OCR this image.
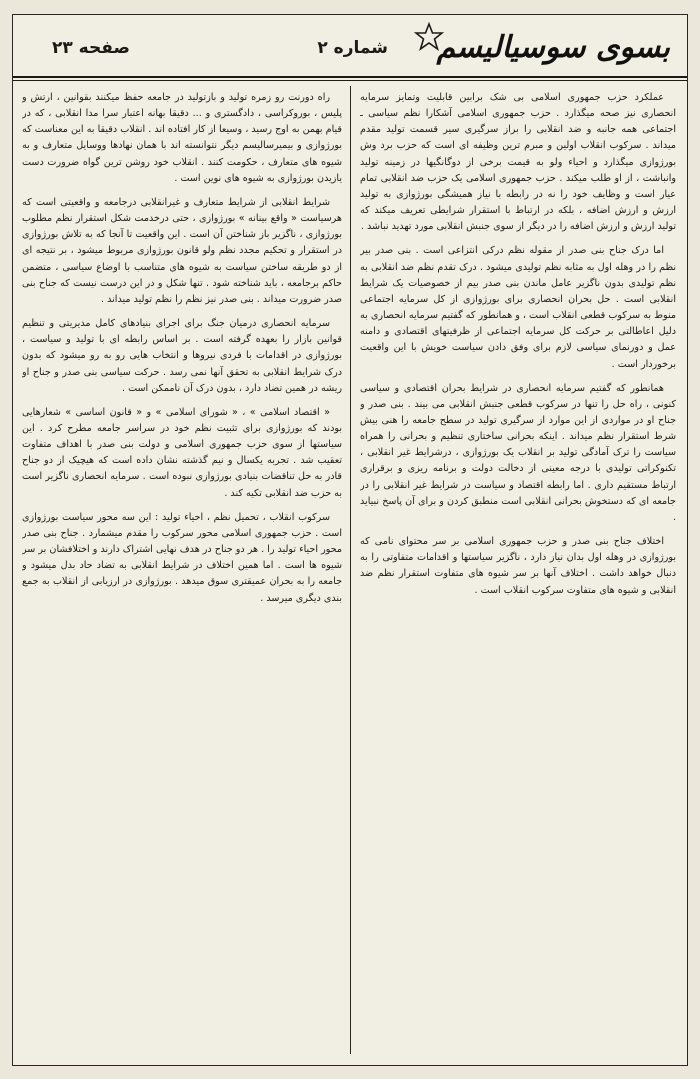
بسوی سوسیالیسم
شماره ۲
صفحه ۲۳

عملکرد حزب جمهوری اسلامی بی شک برابین قابلیت وتمایز سرمایه انحصاری نیز صحه میگذارد . حزب جمهوری اسلامی آشکارا نظم سیاسی ـ اجتماعی همه جانبه و ضد انقلابی را براز سرگیری سیر قسمت تولید مقدم میداند . سرکوب انقلاب اولین و مبرم ترین وظیفه ای است که حزب برد وش بورژوازی میگذارد و احیاء ولو به قیمت برخی از دوگانگیها در زمینه تولید وانباشت ، از او طلب میکند . حزب جمهوری اسلامی یک حزب ضد انقلابی تمام عیار است و وظایف خود را نه در رابطه با نیاز همیشگی بورژوازی به تولید ارزش و ارزش اضافه ، بلکه در ارتباط با استقرار شرایطی تعریف میکند که تولید ارزش و ارزش اضافه را در دیگر از سوی جنبش انقلابی مورد تهدید نباشد .

اما درک جناح بنی صدر از مقوله نظم درکی انتزاعی است . بنی صدر بیر نظم را در وهله اول به مثابه نظم تولیدی میشود . درک تقدم نظم ضد انقلابی به نظم تولیدی بدون ناگزیر عامل ماندن بنی صدر بیم از خصوصیات یک شرایط انقلابی است . حل بحران انحصاری برای بورژوازی از کل سرمایه اجتماعی منوط به سرکوب قطعی انقلاب است ، و همانطور که گفتیم سرمایه انحصاری به دلیل اعاطالتی بر حرکت کل سرمایه اجتماعی از ظرفیتهای اقتصادی و دامنه عمل و دورنمای سیاسی لازم برای وفق دادن سیاست خویش با این واقعیت برخوردار است .

همانطور که گفتیم سرمایه انحصاری در شرایط بحران اقتصادی و سیاسی کنونی ، راه حل را تنها در سرکوب قطعی جنبش انقلابی می بیند . بنی صدر و جناح او در مواردی از این موارد از سرگیری تولید در سطح جامعه را هنی بیش شرط استقرار نظم میداند . اینکه بحرانی ساختاری تنظیم و بحرانی را همراه سیاست را ترک آمادگی تولید بر انقلاب یک بورژوازی ، درشرایط غیر انقلابی ، تکنوکراتی تولیدی با درجه معینی از دخالت دولت و برنامه ریزی و برقراری ارتباط مستقیم داری . اما رابطه اقتصاد و سیاست در شرایط غیر انقلابی را در جامعه ای که دستخوش بحرانی انقلابی است منطبق کردن و برای آن پاسخ نبیاید .

اختلاف جناح بنی صدر و حزب جمهوری اسلامی بر سر محتوای نامی که بورژوازی در وهله اول بدان نیاز دارد ، ناگزیر سیاستها و اقدامات متفاوتی را به دنبال خواهد داشت . اختلاف آنها بر سر شیوه های متفاوت استقرار نظم ضد انقلابی و شیوه های متفاوت سرکوب انقلاب است .

راه دورنت رو زمره تولید و بازتولید در جامعه حفظ میکنند بقوانین ، ارتش و پلیس ، بوروکراسی ، دادگستری و ... دقیقا بهانه اعتبار سرا مدا انقلابی ، که در قیام بهمن به اوج رسید ، وسیعا از کار افتاده اند . انقلاب دقیقا به این معناست که بورژوازی و بیمیرسالیسم دیگر نتوانسته اند با همان نهادها ووسایل متعارف و به شیوه های متعارف ، حکومت کنند . انقلاب خود روشن ترین گواه ضرورت دست یازیدن بورژوازی به شیوه های نوین است .

شرایط انقلابی از شرایط متعارف و غیرانقلابی درجامعه و واقعیتی است که هرسیاست « واقع بینانه » بورژوازی ، حتی درخدمت شکل استقرار نظم مطلوب بورژوازی ، ناگزیر باز شناختن آن است . این واقعیت تا آنجا که به تلاش بورژوازی در استقرار و تحکیم مجدد نظم ولو قانون بورژوازی مربوط میشود ، بر نتیجه ای از دو طریقه ساختن سیاست به شیوه های متناسب با اوضاع سیاسی ، متضمن حاکم برجامعه ، باید شناخته شود . تنها شکل و در این درست نیست که جناح بنی صدر ضرورت میداند . بنی صدر نیز نظم را نظم تولید میداند .

سرمایه انحصاری درمیان جنگ برای اجرای بنیادهای کامل مدیریتی و تنظیم قوانین بازار را بعهده گرفته است . بر اساس رابطه ای با تولید و سیاست ، بورژوازی در اقدامات با فردی نیروها و انتخاب هایی رو به رو میشود که بدون درک شرایط انقلابی به تحقق آنها نمی رسد . حرکت سیاسی بنی صدر و جناح او ریشه در همین تضاد دارد ، بدون درک آن ناممکن است .

« اقتصاد اسلامی » ، « شورای اسلامی » و « قانون اساسی » شعارهایی بودند که بورژوازی برای تثبیت نظم خود در سراسر جامعه مطرح کرد . این سیاستها از سوی حزب جمهوری اسلامی و دولت بنی صدر با اهداف متفاوت تعقیب شد . تجربه یکسال و نیم گذشته نشان داده است که هیچیک از دو جناح قادر به حل تناقضات بنیادی بورژوازی نبوده است . سرمایه انحصاری ناگزیر است به حزب ضد انقلابی تکیه کند .

سرکوب انقلاب ، تحمیل نظم ، احیاء تولید : این سه محور سیاست بورژوازی است . حزب جمهوری اسلامی محور سرکوب را مقدم میشمارد . جناح بنی صدر محور احیاء تولید را . هر دو جناح در هدف نهایی اشتراک دارند و اختلافشان بر سر شیوه ها است . اما همین اختلاف در شرایط انقلابی به تضاد حاد بدل میشود و جامعه را به بحران عمیقتری سوق میدهد . بورژوازی در ارزیابی از انقلاب به جمع بندی دیگری میرسد .
